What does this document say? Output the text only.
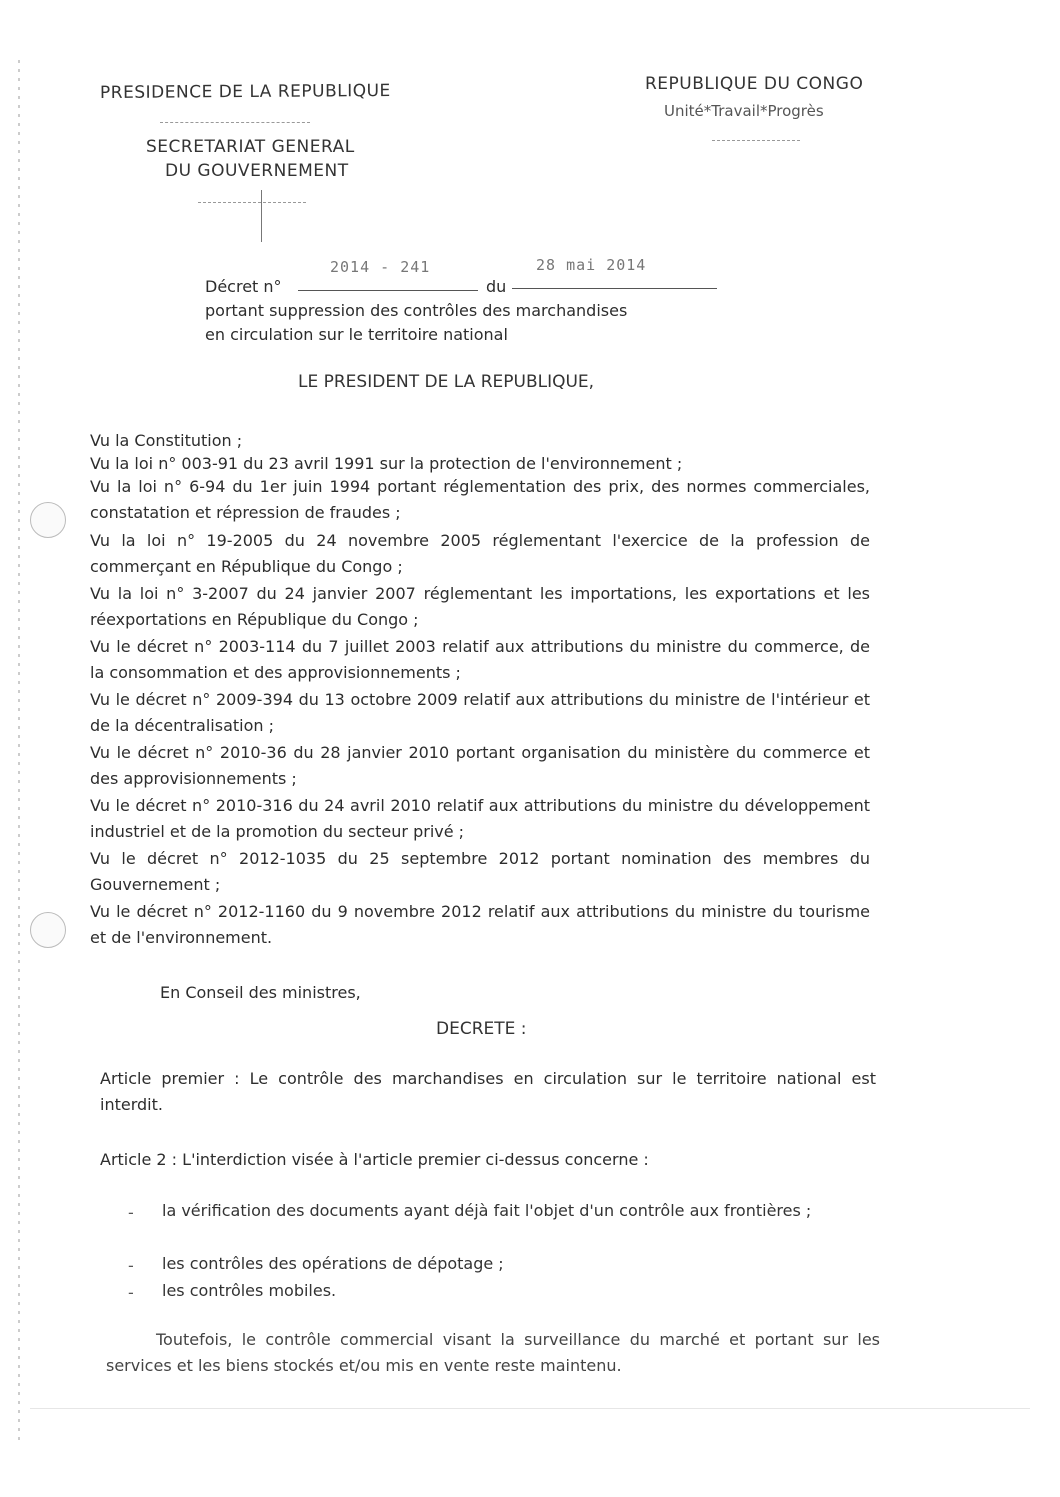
PRESIDENCE DE LA REPUBLIQUE
SECRETARIAT GENERAL
DU GOUVERNEMENT
REPUBLIQUE DU CONGO
Unité*Travail*Progrès
Décret n°
2014 - 241
du
28 mai 2014
portant suppression des contrôles des marchandises
en circulation sur le territoire national
LE PRESIDENT DE LA REPUBLIQUE,
Vu la Constitution ;
Vu la loi n° 003-91 du 23 avril 1991 sur la protection de l'environnement ;
Vu la loi n° 6-94 du 1er juin 1994 portant réglementation des prix, des normes commerciales, constatation et répression de fraudes ;
Vu la loi n° 19-2005 du 24 novembre 2005 réglementant l'exercice de la profession de commerçant en République du Congo ;
Vu la loi n° 3-2007 du 24 janvier 2007 réglementant les importations, les exportations et les réexportations en République du Congo ;
Vu le décret n° 2003-114 du 7 juillet 2003 relatif aux attributions du ministre du commerce, de la consommation et des approvisionnements ;
Vu le décret n° 2009-394 du 13 octobre 2009 relatif aux attributions du ministre de l'intérieur et de la décentralisation ;
Vu le décret n° 2010-36 du 28 janvier 2010 portant organisation du ministère du commerce et des approvisionnements ;
Vu le décret n° 2010-316 du 24 avril 2010 relatif aux attributions du ministre du développement industriel et de la promotion du secteur privé ;
Vu le décret n° 2012-1035 du 25 septembre 2012 portant nomination des membres du Gouvernement ;
Vu le décret n° 2012-1160 du 9 novembre 2012 relatif aux attributions du ministre du tourisme et de l'environnement.
En Conseil des ministres,
DECRETE :
Article premier : Le contrôle des marchandises en circulation sur le territoire national est interdit.
Article 2 : L'interdiction visée à l'article premier ci-dessus concerne :
- la vérification des documents ayant déjà fait l'objet d'un contrôle aux frontières ;
- les contrôles des opérations de dépotage ;
- les contrôles mobiles.
Toutefois, le contrôle commercial visant la surveillance du marché et portant sur les services et les biens stockés et/ou mis en vente reste maintenu.
